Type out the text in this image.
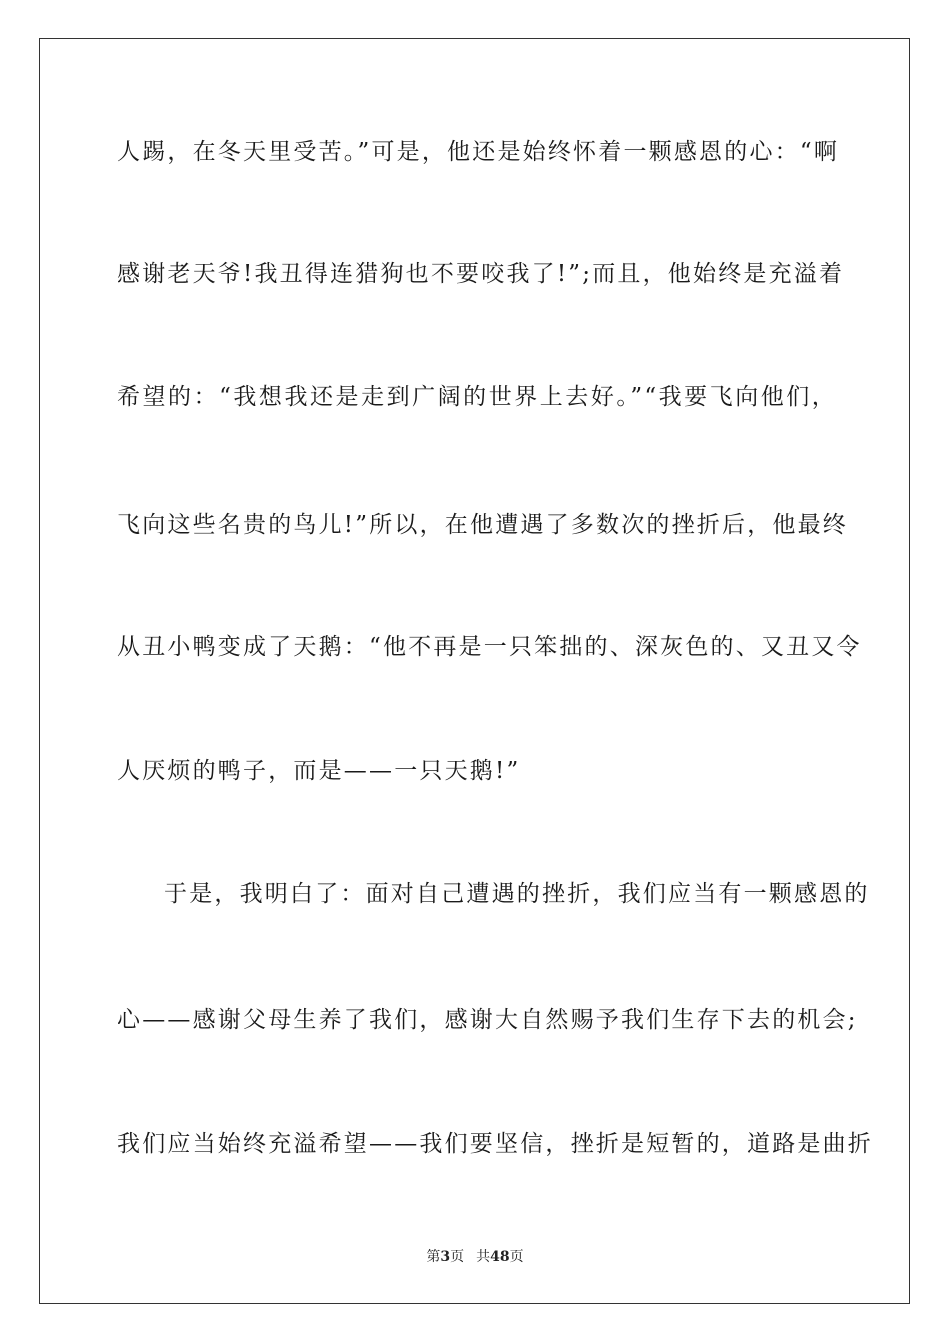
人踢，在冬天里受苦。”可是，他还是始终怀着一颗感恩的心：“啊
感谢老天爷!我丑得连猎狗也不要咬我了!”;而且，他始终是充溢着
希望的：“我想我还是走到广阔的世界上去好。”“我要飞向他们，
飞向这些名贵的鸟儿!”所以，在他遭遇了多数次的挫折后，他最终
从丑小鸭变成了天鹅：“他不再是一只笨拙的、深灰色的、又丑又令
人厌烦的鸭子，而是——一只天鹅!”
于是，我明白了：面对自己遭遇的挫折，我们应当有一颗感恩的
心——感谢父母生养了我们，感谢大自然赐予我们生存下去的机会;
我们应当始终充溢希望——我们要坚信，挫折是短暂的，道路是曲折
第3页 共48页
